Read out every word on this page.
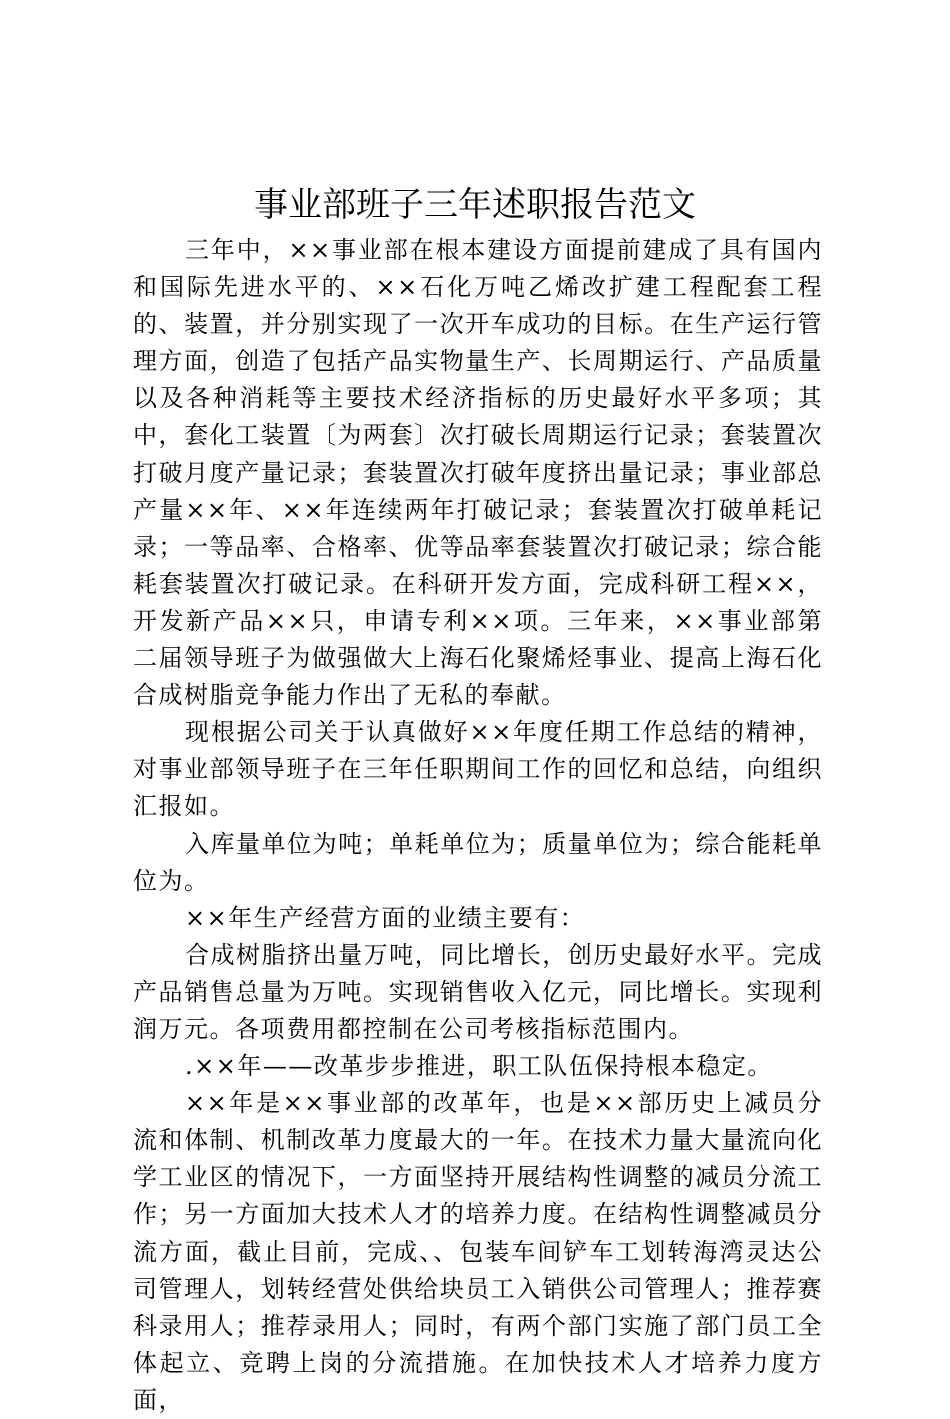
事业部班子三年述职报告范文

三年中，××事业部在根本建设方面提前建成了具有国内和国际先进水平的、××石化万吨乙烯改扩建工程配套工程的、装置，并分别实现了一次开车成功的目标。在生产运行管理方面，创造了包括产品实物量生产、长周期运行、产品质量以及各种消耗等主要技术经济指标的历史最好水平多项；其中，套化工装置〔为两套〕次打破长周期运行记录；套装置次打破月度产量记录；套装置次打破年度挤出量记录；事业部总产量××年、××年连续两年打破记录；套装置次打破单耗记录；一等品率、合格率、优等品率套装置次打破记录；综合能耗套装置次打破记录。在科研开发方面，完成科研工程××，开发新产品××只，申请专利××项。三年来，××事业部第二届领导班子为做强做大上海石化聚烯烃事业、提高上海石化合成树脂竞争能力作出了无私的奉献。

现根据公司关于认真做好××年度任期工作总结的精神，对事业部领导班子在三年任职期间工作的回忆和总结，向组织汇报如。

入库量单位为吨；单耗单位为；质量单位为；综合能耗单位为。

××年生产经营方面的业绩主要有：

合成树脂挤出量万吨，同比增长，创历史最好水平。完成产品销售总量为万吨。实现销售收入亿元，同比增长。实现利润万元。各项费用都控制在公司考核指标范围内。

.××年——改革步步推进，职工队伍保持根本稳定。

××年是××事业部的改革年，也是××部历史上减员分流和体制、机制改革力度最大的一年。在技术力量大量流向化学工业区的情况下，一方面坚持开展结构性调整的减员分流工作；另一方面加大技术人才的培养力度。在结构性调整减员分流方面，截止目前，完成、、包装车间铲车工划转海湾灵达公司管理人，划转经营处供给块员工入销供公司管理人；推荐赛科录用人；推荐录用人；同时，有两个部门实施了部门员工全体起立、竞聘上岗的分流措施。在加快技术人才培养力度方面，
